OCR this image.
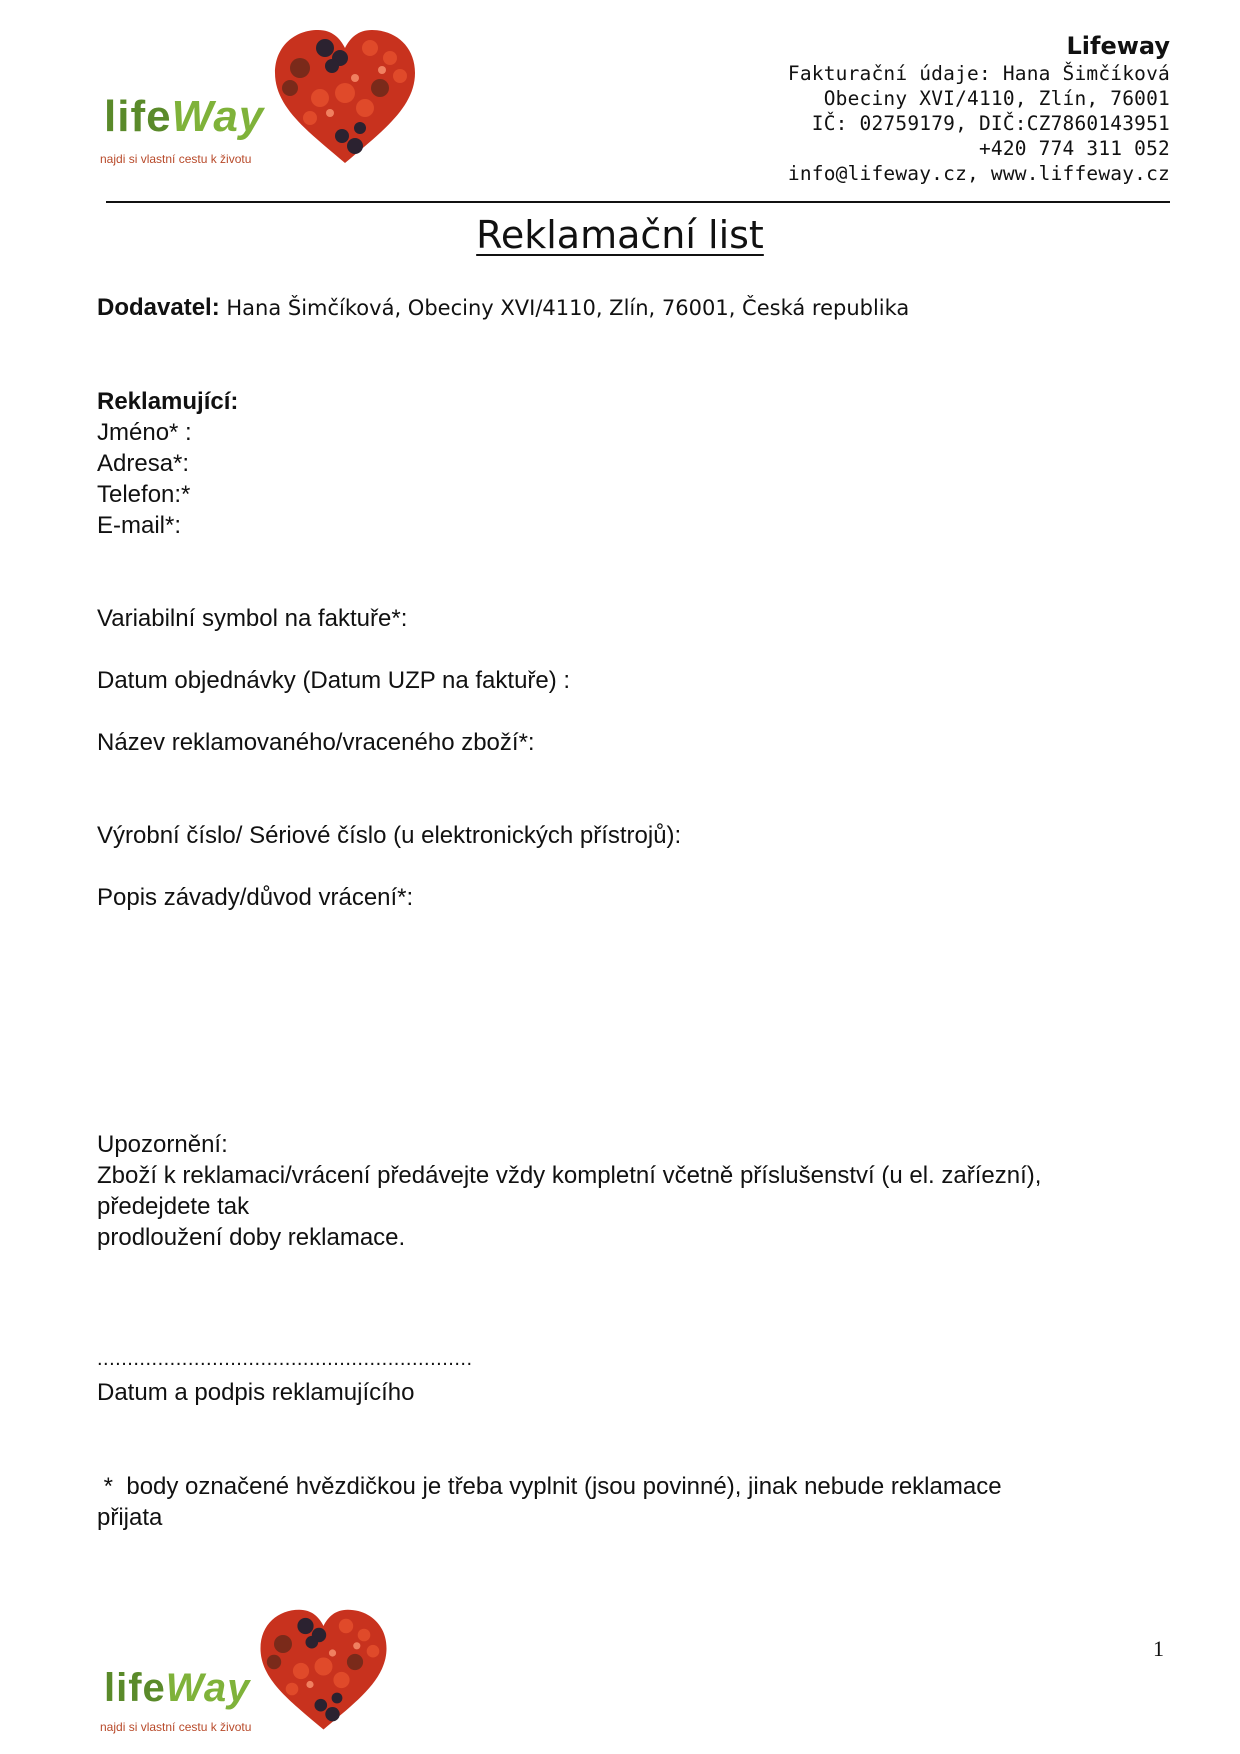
lifeWay
najdi si vlastní cestu k životu
Lifeway
Fakturační údaje: Hana Šimčíková
Obeciny XVI/4110, Zlín, 76001
IČ: 02759179, DIČ:CZ7860143951
+420 774 311 052
info@lifeway.cz, www.liffeway.cz
Reklamační list
Dodavatel: Hana Šimčíková, Obeciny XVI/4110, Zlín, 76001, Česká republika
Reklamující:
Jméno* :
Adresa*:
Telefon:*
E-mail*:
Variabilní symbol na faktuře*:
Datum objednávky (Datum UZP na faktuře) :
Název reklamovaného/vraceného zboží*:
Výrobní číslo/ Sériové číslo (u elektronických přístrojů):
Popis závady/důvod vrácení*:
Upozornění:
Zboží k reklamaci/vrácení předávejte vždy kompletní včetně příslušenství (u el. zaříezní),
předejdete tak
prodloužení doby reklamace.
..............................................................
Datum a podpis reklamujícího
*  body označené hvězdičkou je třeba vyplnit (jsou povinné), jinak nebude reklamace
přijata
lifeWay
najdi si vlastní cestu k životu
1
